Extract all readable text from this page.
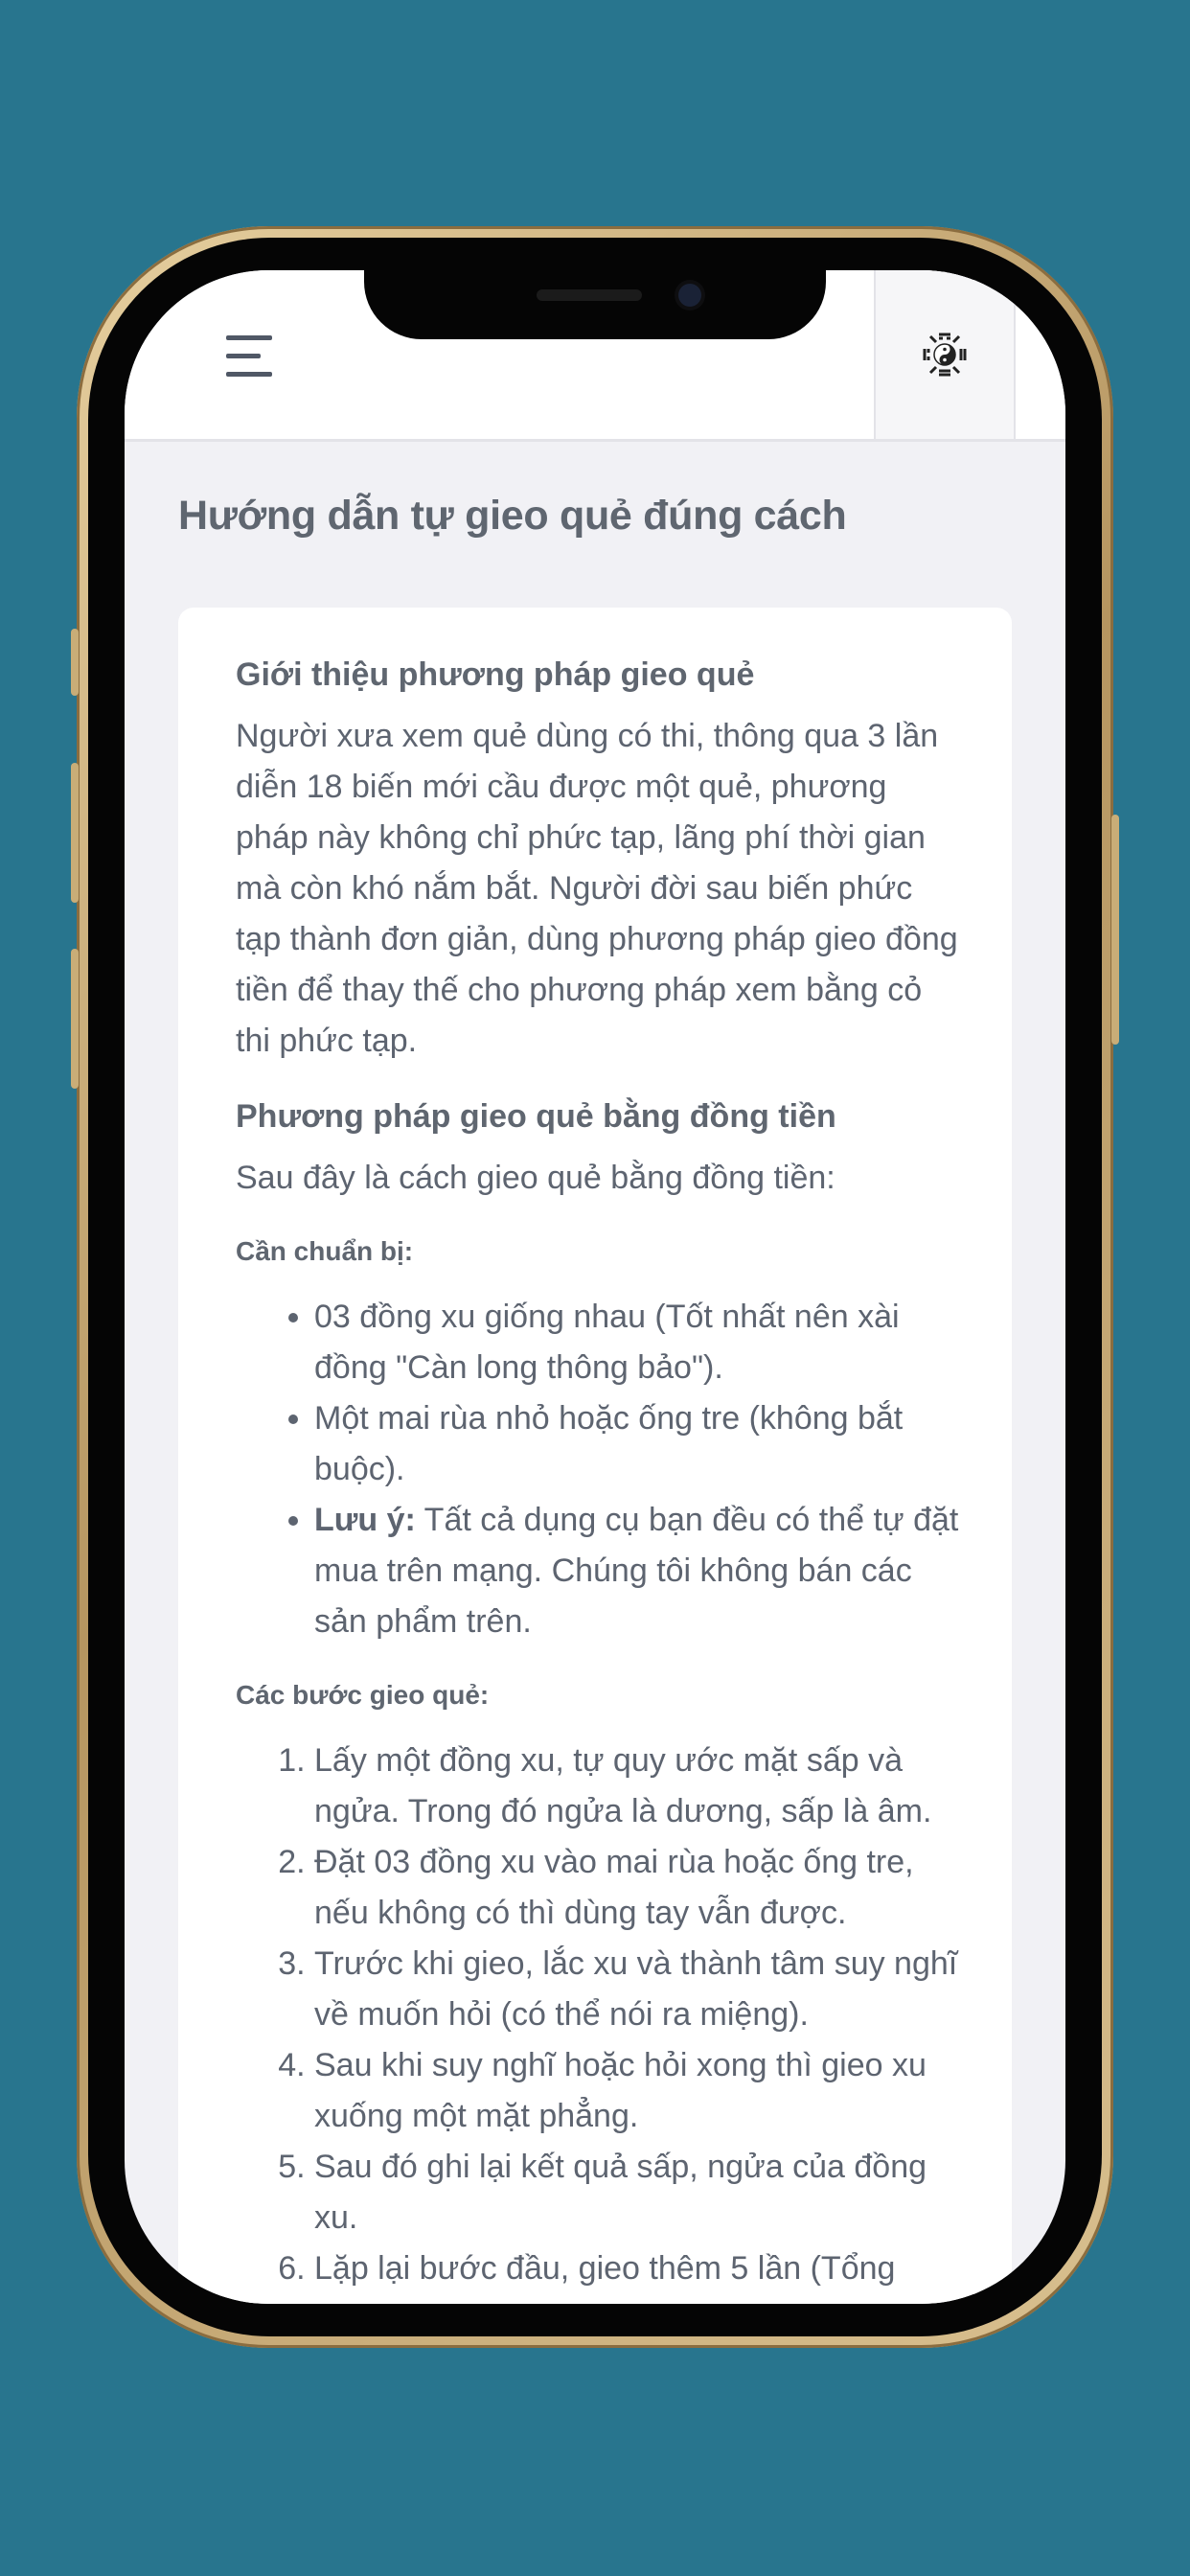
Hướng dẫn tự gieo quẻ đúng cách
Giới thiệu phương pháp gieo quẻ

Người xưa xem quẻ dùng có thi, thông qua 3 lần diễn 18 biến mới cầu được một quẻ, phương pháp này không chỉ phức tạp, lãng phí thời gian mà còn khó nắm bắt. Người đời sau biến phức tạp thành đơn giản, dùng phương pháp gieo đồng tiền để thay thế cho phương pháp xem bằng cỏ thi phức tạp.

Phương pháp gieo quẻ bằng đồng tiền

Sau đây là cách gieo quẻ bằng đồng tiền:

Cần chuẩn bị:
• 03 đồng xu giống nhau (Tốt nhất nên xài đồng "Càn long thông bảo").
• Một mai rùa nhỏ hoặc ống tre (không bắt buộc).
• Lưu ý: Tất cả dụng cụ bạn đều có thể tự đặt mua trên mạng. Chúng tôi không bán các sản phẩm trên.
Các bước gieo quẻ:
1. Lấy một đồng xu, tự quy ước mặt sấp và ngửa. Trong đó ngửa là dương, sấp là âm.
2. Đặt 03 đồng xu vào mai rùa hoặc ống tre, nếu không có thì dùng tay vẫn được.
3. Trước khi gieo, lắc xu và thành tâm suy nghĩ về muốn hỏi (có thể nói ra miệng).
4. Sau khi suy nghĩ hoặc hỏi xong thì gieo xu xuống một mặt phẳng.
5. Sau đó ghi lại kết quả sấp, ngửa của đồng xu.
6. Lặp lại bước đầu, gieo thêm 5 lần (Tổng
